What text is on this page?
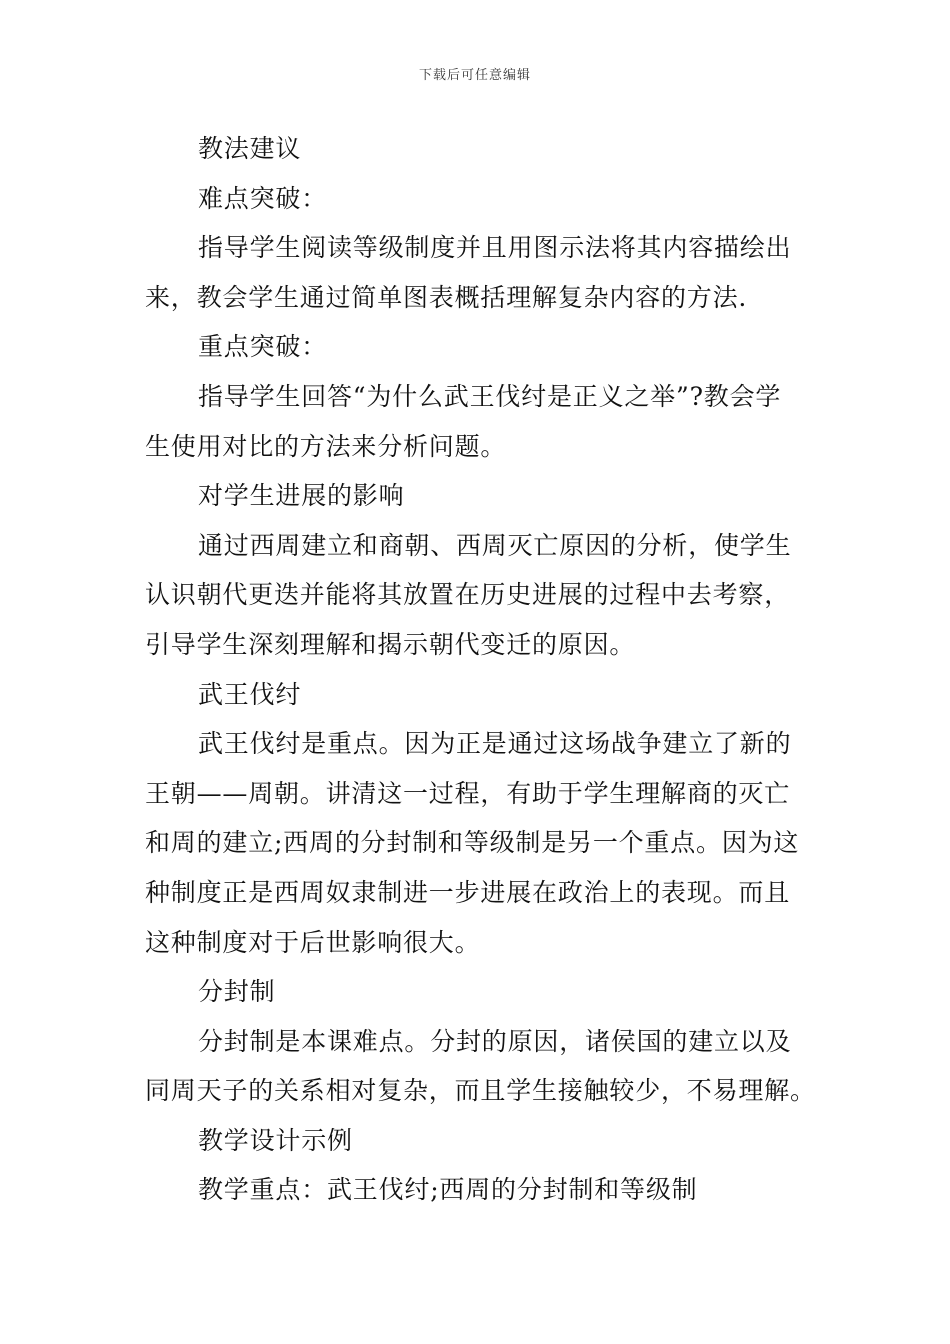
下载后可任意编辑
教法建议
难点突破：
指导学生阅读等级制度并且用图示法将其内容描绘出
来，教会学生通过简单图表概括理解复杂内容的方法.
重点突破：
指导学生回答“为什么武王伐纣是正义之举”?教会学
生使用对比的方法来分析问题。
对学生进展的影响
通过西周建立和商朝、西周灭亡原因的分析，使学生
认识朝代更迭并能将其放置在历史进展的过程中去考察，
引导学生深刻理解和揭示朝代变迁的原因。
武王伐纣
武王伐纣是重点。因为正是通过这场战争建立了新的
王朝——周朝。讲清这一过程，有助于学生理解商的灭亡
和周的建立;西周的分封制和等级制是另一个重点。因为这
种制度正是西周奴隶制进一步进展在政治上的表现。而且
这种制度对于后世影响很大。
分封制
分封制是本课难点。分封的原因，诸侯国的建立以及
同周天子的关系相对复杂，而且学生接触较少，不易理解。
教学设计示例
教学重点：武王伐纣;西周的分封制和等级制
